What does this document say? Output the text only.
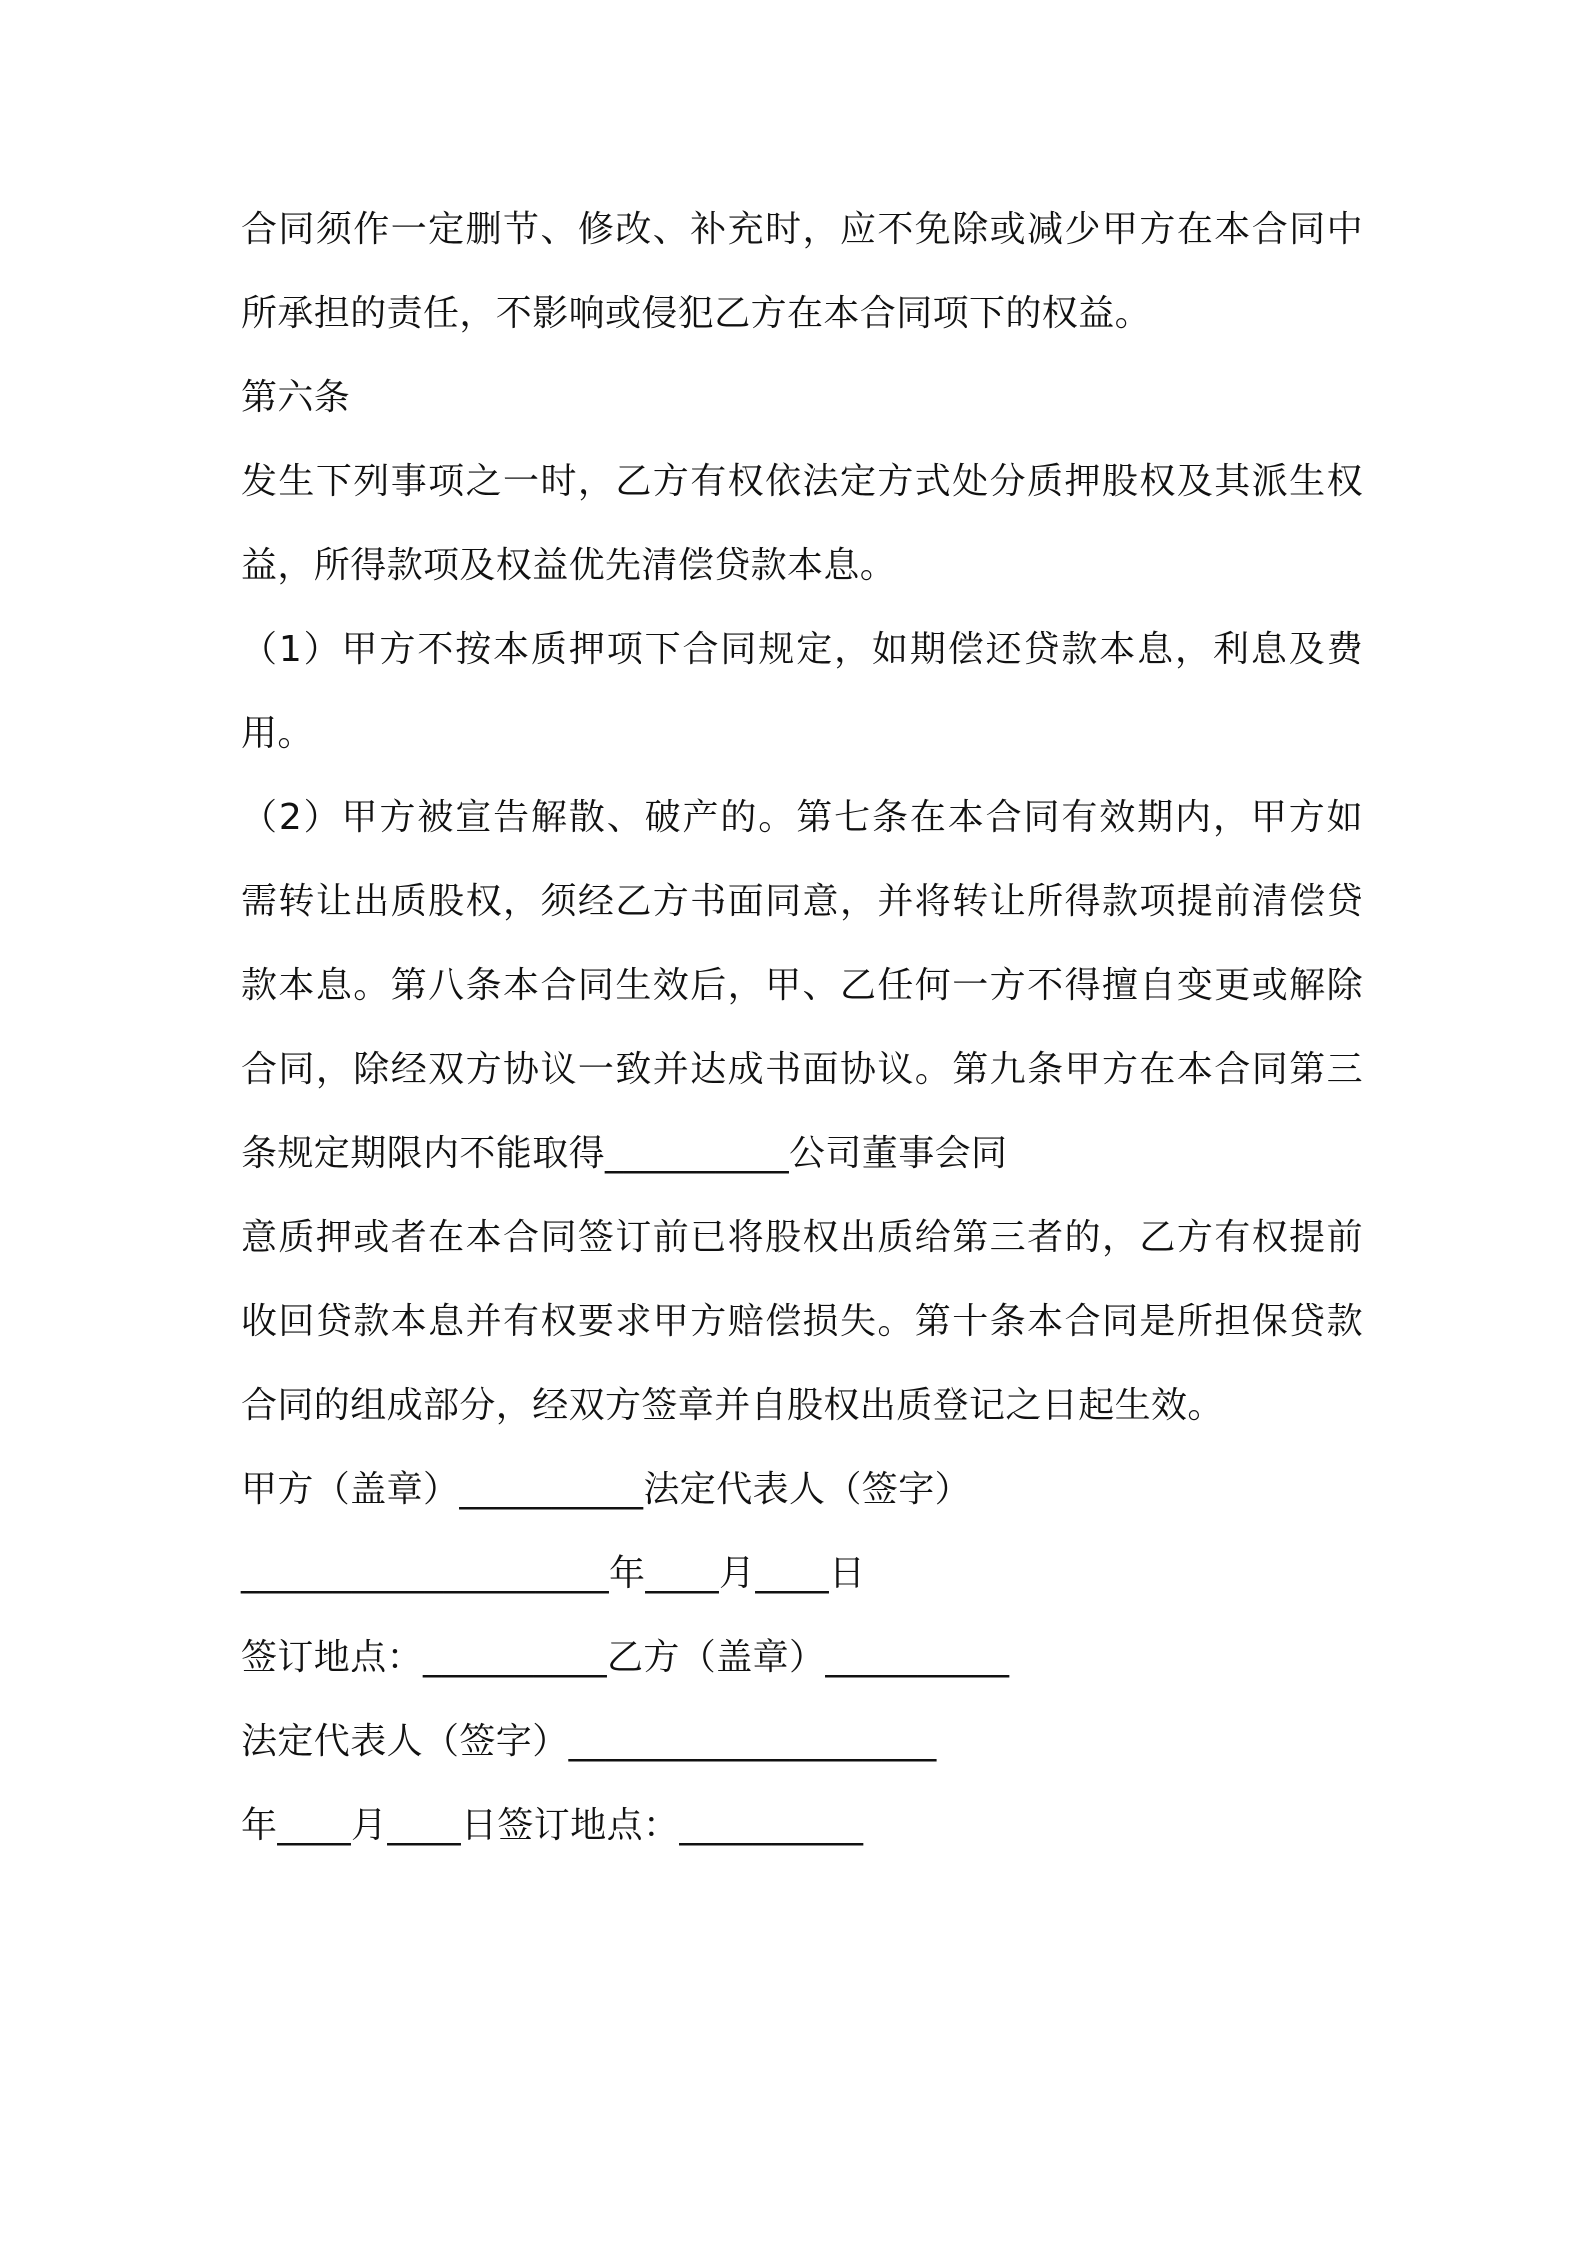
合同须作一定删节、修改、补充时，应不免除或减少甲方在本合同中
所承担的责任，不影响或侵犯乙方在本合同项下的权益。
第六条
发生下列事项之一时，乙方有权依法定方式处分质押股权及其派生权
益，所得款项及权益优先清偿贷款本息。
（1）甲方不按本质押项下合同规定，如期偿还贷款本息，利息及费
用。
（2）甲方被宣告解散、破产的。第七条在本合同有效期内，甲方如
需转让出质股权，须经乙方书面同意，并将转让所得款项提前清偿贷
款本息。第八条本合同生效后，甲、乙任何一方不得擅自变更或解除
合同，除经双方协议一致并达成书面协议。第九条甲方在本合同第三
条规定期限内不能取得__________公司董事会同
意质押或者在本合同签订前已将股权出质给第三者的，乙方有权提前
收回贷款本息并有权要求甲方赔偿损失。第十条本合同是所担保贷款
合同的组成部分，经双方签章并自股权出质登记之日起生效。
甲方（盖章）__________法定代表人（签字）
____________________年____月____日
签订地点：__________乙方（盖章）__________
法定代表人（签字）____________________
年____月____日签订地点：__________
